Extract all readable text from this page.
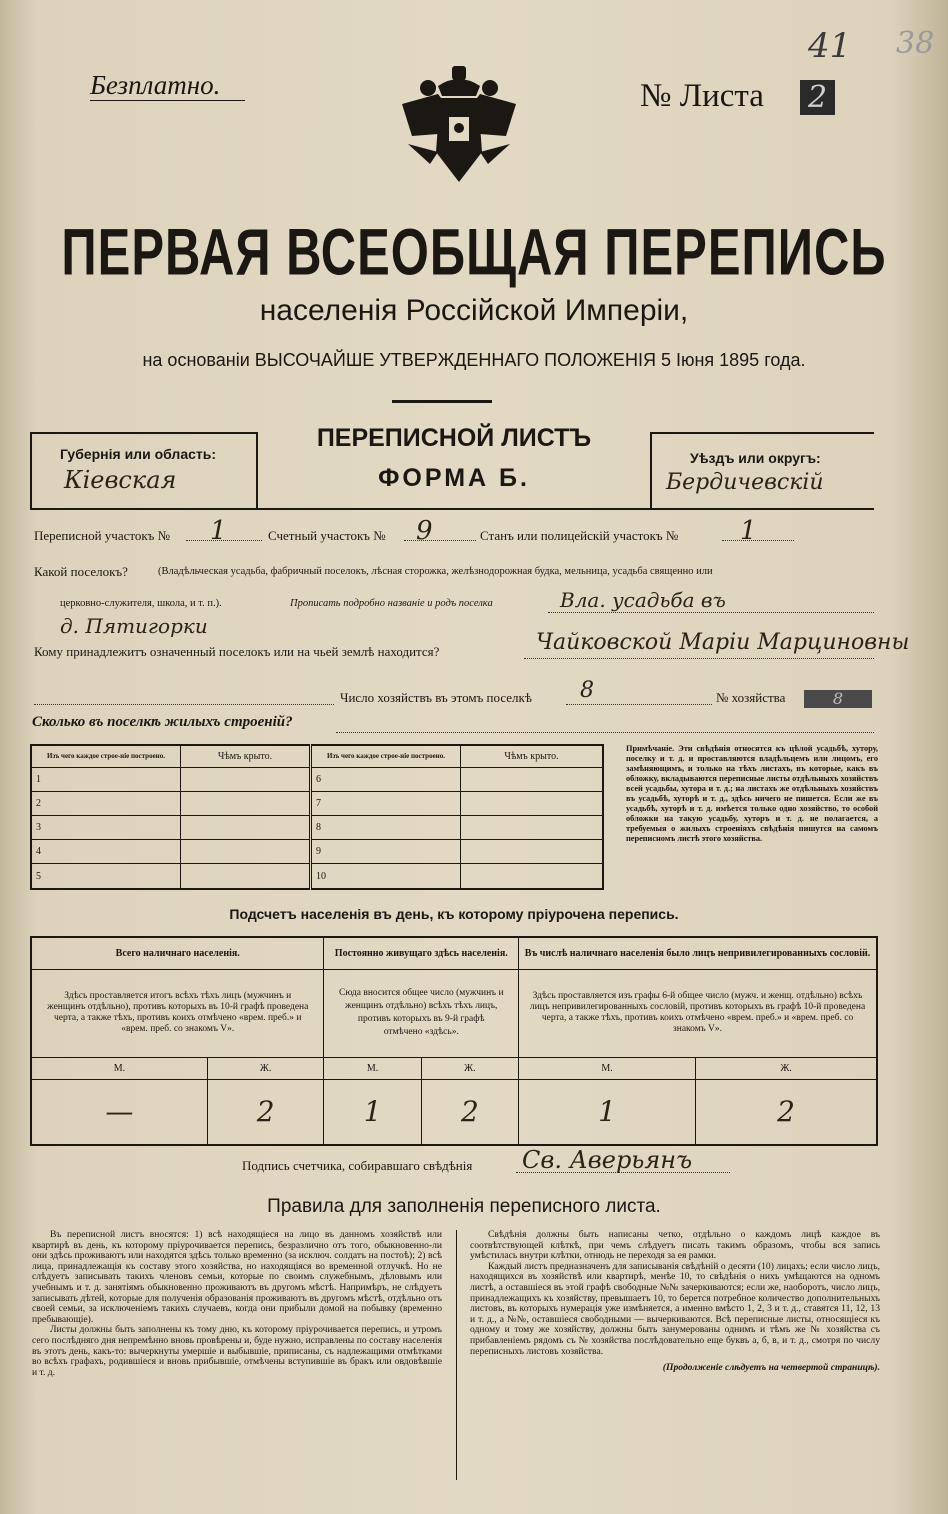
41 38
Безплатно.	№ Листа 2
ПЕРВАЯ ВСЕОБЩАЯ ПЕРЕПИСЬ
населенія Россійской Имперіи,
на основаніи ВЫСОЧАЙШЕ УТВЕРЖДЕННАГО ПОЛОЖЕНІЯ 5 Іюня 1895 года.
Губернія или область:
Кіевская
ПЕРЕПИСНОЙ ЛИСТЪ
ФОРМА Б.
Уѣздъ или округъ:
Бердичевскій
Переписной участокъ № 1	Счетный участокъ № 9	Станъ или полицейскій участокъ № 1
Какой поселокъ?	(Владѣльческая усадьба, фабричный поселокъ, лѣсная сторожка, желѣзнодорожная будка, мельница, усадьба священно или
церковно-служителя, школа, и т. п.).	Прописать подробно названіе и родъ поселка	Вла. усадьба въ
д. Пятигорки
Кому принадлежитъ означенный поселокъ или на чьей землѣ находится?	Чайковской Маріи Марциновны
Число хозяйствъ въ этомъ поселкѣ 8	№ хозяйства	8
Сколько въ поселкѣ жилыхъ строеній?
Изъ чего каждое строе-ніе построено.	Чѣмъ крыто.	Изъ чего каждое строе-ніе построено.	Чѣмъ крыто.
1		6	
2		7	
3		8	
4		9	
5		10	
Примѣчаніе. Эти свѣдѣнія относятся къ цѣлой усадьбѣ, хутору, поселку и т. д. и проставляются владѣльцемъ или лицомъ, его замѣняющимъ, и только на тѣхъ листахъ, въ которые, какъ въ обложку, вкладываются переписные листы отдѣльныхъ хозяйствъ всей усадьбы, хутора и т. д.; на листахъ же отдѣльныхъ хозяйствъ въ усадьбѣ, хуторѣ и т. д., здѣсь ничего не пишется. Если же въ усадьбѣ, хуторѣ и т. д. имѣется только одно хозяйство, то особой обложки на такую усадьбу, хуторъ и т. д. не полагается, а требуемыя о жилыхъ строеніяхъ свѣдѣнія пишутся на самомъ переписномъ листѣ этого хозяйства.
Подсчетъ населенія въ день, къ которому пріурочена перепись.
Всего наличнаго населенія.		Постоянно живущаго здѣсь населенія.		Въ числѣ наличнаго населенія было лицъ непривилегированныхъ сословій.	
Здѣсь проставляется итогъ всѣхъ тѣхъ лицъ (мужчинъ и женщинъ отдѣльно), противъ которыхъ въ 10-й графѣ проведена черта, а также тѣхъ, противъ коихъ отмѣчено «врем. преб.» и «врем. преб. со знакомъ V».		Сюда вносится общее число (мужчинъ и женщинъ отдѣльно) всѣхъ тѣхъ лицъ, противъ которыхъ въ 9-й графѣ отмѣчено «здѣсь».		Здѣсь проставляется изъ графы 6-й общее число (мужч. и женщ. отдѣльно) всѣхъ лицъ непривилегированныхъ сословій, противъ которыхъ въ графѣ 10-й проведена черта, а также тѣхъ, противъ коихъ отмѣчено «врем. преб.» и «врем. преб. со знакомъ V».	
М.	Ж.	М.	Ж.	М.	Ж.
—	2	1	2	1	2
Подпись счетчика, собиравшаго свѣдѣнія Св. Аверьянъ
Правила для заполненія переписного листа.

Въ переписной листъ вносятся: 1) всѣ находящіеся на лицо въ данномъ хозяйствѣ или квартирѣ въ день, къ которому пріурочивается перепись, безразлично отъ того, обыкновенно-ли они здѣсь проживаютъ или находятся здѣсь только временно (за исключ. солдатъ на постоѣ); 2) всѣ лица, принадлежащія къ составу этого хозяйства, но находящіяся во временной отлучкѣ. Но не слѣдуетъ записывать такихъ членовъ семьи, которые по своимъ служебнымъ, дѣловымъ или учебнымъ и т. д. занятіямъ обыкновенно проживаютъ въ другомъ мѣстѣ. Напримѣръ, не слѣдуетъ записывать дѣтей, которые для полученія образованія проживаютъ въ другомъ мѣстѣ, отдѣльно отъ своей семьи, за исключеніемъ такихъ случаевъ, когда они прибыли домой на побывку (временно пребывающіе).

Листы должны быть заполнены къ тому дню, къ которому пріурочивается перепись, и утромъ сего послѣдняго дня непремѣнно вновь провѣрены и, буде нужно, исправлены по составу населенія въ этотъ день, какъ-то: вычеркнуты умершіе и выбывшіе, приписаны, съ надлежащими отмѣтками во всѣхъ графахъ, родившіеся и вновь прибывшіе, отмѣчены вступившіе въ бракъ или овдовѣвшіе и т. д.

Свѣдѣнія должны быть написаны четко, отдѣльно о каждомъ лицѣ каждое въ соотвѣтствующей клѣткѣ, при чемъ слѣдуетъ писать такимъ образомъ, чтобы вся запись умѣстилась внутри клѣтки, отнюдь не переходя за ея рамки.

Каждый листъ предназначенъ для записыванія свѣдѣній о десяти (10) лицахъ; если число лицъ, находящихся въ хозяйствѣ или квартирѣ, менѣе 10, то свѣдѣнія о нихъ умѣщаются на одномъ листѣ, а оставшіеся въ этой графѣ свободные №№ зачеркиваются; если же, наоборотъ, число лицъ, принадлежащихъ къ хозяйству, превышаетъ 10, то берется потребное количество дополнительныхъ листовъ, въ которыхъ нумерація уже измѣняется, а именно вмѣсто 1, 2, 3 и т. д., ставятся 11, 12, 13 и т. д., а №№, оставшіеся свободными — вычеркиваются. Всѣ переписные листы, относящіеся къ одному и тому же хозяйству, должны быть занумерованы однимъ и тѣмъ же № хозяйства съ прибавленіемъ рядомъ съ № хозяйства послѣдовательно еще буквъ а, б, в, и т. д., смотря по числу переписныхъ листовъ хозяйства.

(Продолженіе слѣдуетъ на четвертой страницѣ).
